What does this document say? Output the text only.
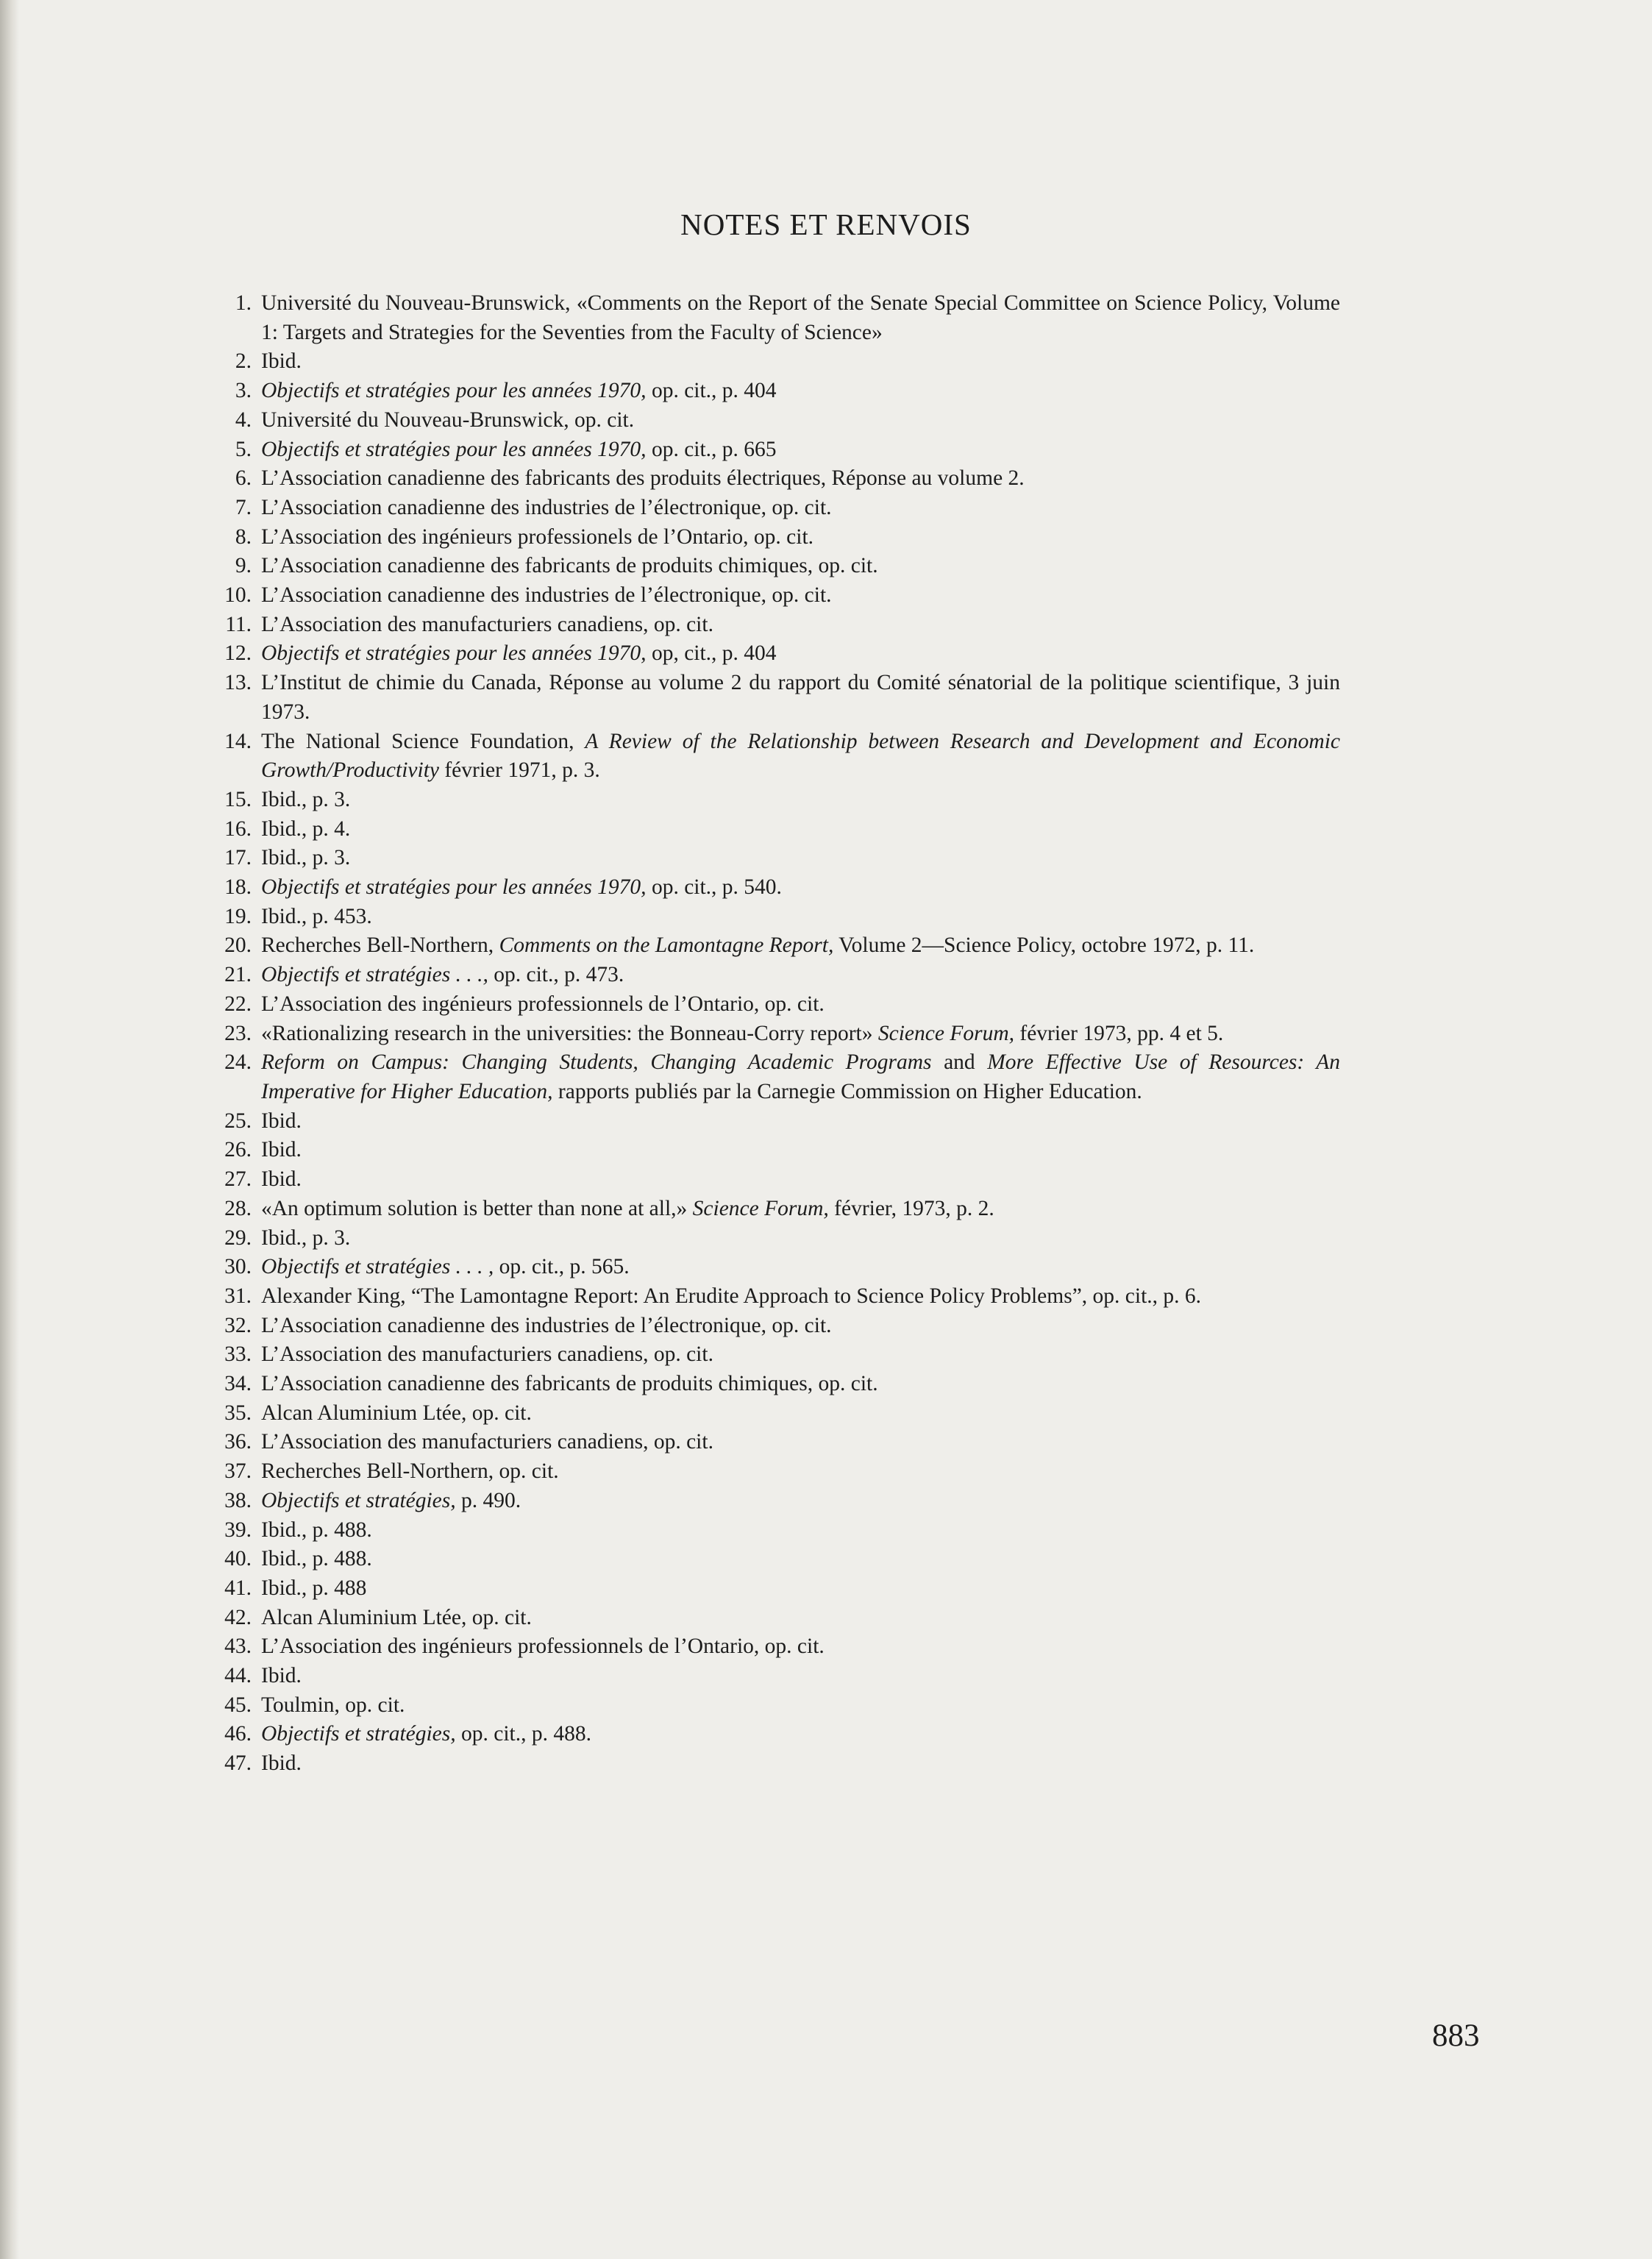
NOTES ET RENVOIS
1. Université du Nouveau-Brunswick, «Comments on the Report of the Senate Special Committee on Science Policy, Volume 1: Targets and Strategies for the Seventies from the Faculty of Science»
2. Ibid.
3. Objectifs et stratégies pour les années 1970, op. cit., p. 404
4. Université du Nouveau-Brunswick, op. cit.
5. Objectifs et stratégies pour les années 1970, op. cit., p. 665
6. L’Association canadienne des fabricants des produits électriques, Réponse au volume 2.
7. L’Association canadienne des industries de l’électronique, op. cit.
8. L’Association des ingénieurs professionels de l’Ontario, op. cit.
9. L’Association canadienne des fabricants de produits chimiques, op. cit.
10. L’Association canadienne des industries de l’électronique, op. cit.
11. L’Association des manufacturiers canadiens, op. cit.
12. Objectifs et stratégies pour les années 1970, op, cit., p. 404
13. L’Institut de chimie du Canada, Réponse au volume 2 du rapport du Comité sénatorial de la politique scientifique, 3 juin 1973.
14. The National Science Foundation, A Review of the Relationship between Research and Development and Economic Growth/Productivity février 1971, p. 3.
15. Ibid., p. 3.
16. Ibid., p. 4.
17. Ibid., p. 3.
18. Objectifs et stratégies pour les années 1970, op. cit., p. 540.
19. Ibid., p. 453.
20. Recherches Bell-Northern, Comments on the Lamontagne Report, Volume 2—Science Policy, octobre 1972, p. 11.
21. Objectifs et stratégies . . ., op. cit., p. 473.
22. L’Association des ingénieurs professionnels de l’Ontario, op. cit.
23. «Rationalizing research in the universities: the Bonneau-Corry report» Science Forum, février 1973, pp. 4 et 5.
24. Reform on Campus: Changing Students, Changing Academic Programs and More Effective Use of Resources: An Imperative for Higher Education, rapports publiés par la Carnegie Commission on Higher Education.
25. Ibid.
26. Ibid.
27. Ibid.
28. «An optimum solution is better than none at all,» Science Forum, février, 1973, p. 2.
29. Ibid., p. 3.
30. Objectifs et stratégies . . . , op. cit., p. 565.
31. Alexander King, “The Lamontagne Report: An Erudite Approach to Science Policy Problems”, op. cit., p. 6.
32. L’Association canadienne des industries de l’électronique, op. cit.
33. L’Association des manufacturiers canadiens, op. cit.
34. L’Association canadienne des fabricants de produits chimiques, op. cit.
35. Alcan Aluminium Ltée, op. cit.
36. L’Association des manufacturiers canadiens, op. cit.
37. Recherches Bell-Northern, op. cit.
38. Objectifs et stratégies, p. 490.
39. Ibid., p. 488.
40. Ibid., p. 488.
41. Ibid., p. 488
42. Alcan Aluminium Ltée, op. cit.
43. L’Association des ingénieurs professionnels de l’Ontario, op. cit.
44. Ibid.
45. Toulmin, op. cit.
46. Objectifs et stratégies, op. cit., p. 488.
47. Ibid.
883
